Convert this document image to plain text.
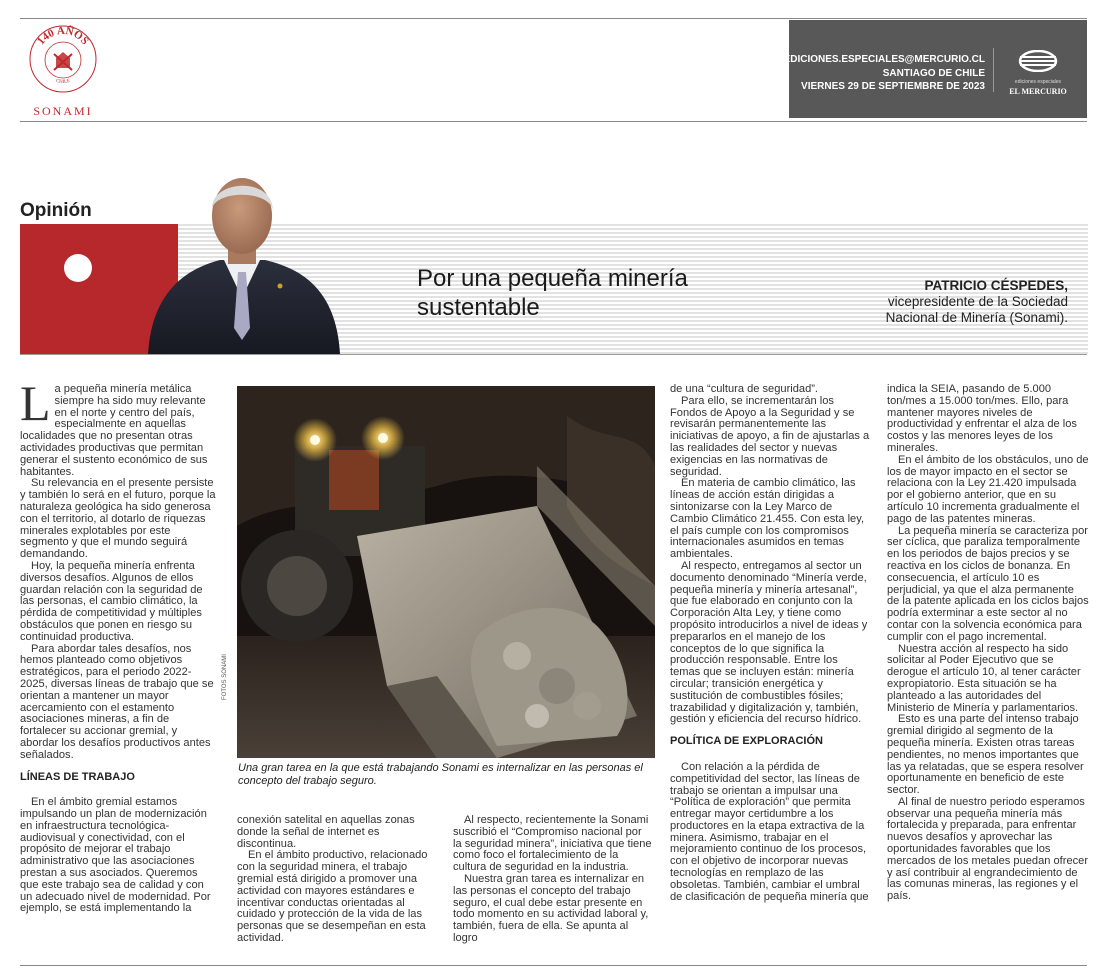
140 AÑOS
CHILE
SONAMI
EDICIONES.ESPECIALES@MERCURIO.CL
SANTIAGO DE CHILE
VIERNES 29 DE SEPTIEMBRE DE 2023	ediciones especiales
EL MERCURIO
Opinión
Por una pequeña minería
sustentable
PATRICIO CÉSPEDES,
vicepresidente de la Sociedad
Nacional de Minería (Sonami).

La pequeña minería metálica siempre ha sido muy relevante en el norte y centro del país, especialmente en aquellas localidades que no presentan otras actividades productivas que permitan generar el sustento económico de sus habitantes.

Su relevancia en el presente persiste y también lo será en el futuro, porque la naturaleza geológica ha sido generosa con el territorio, al dotarlo de riquezas minerales explotables por este segmento y que el mundo seguirá demandando.

Hoy, la pequeña minería enfrenta diversos desafíos. Algunos de ellos guardan relación con la seguridad de las personas, el cambio climático, la pérdida de competitividad y múltiples obstáculos que ponen en riesgo su continuidad productiva.

Para abordar tales desafíos, nos hemos planteado como objetivos estratégicos, para el periodo 2022-2025, diversas líneas de trabajo que se orientan a mantener un mayor acercamiento con el estamento asociaciones mineras, a fin de fortalecer su accionar gremial, y abordar los desafíos productivos antes señalados.

LÍNEAS DE TRABAJO

En el ámbito gremial estamos impulsando un plan de modernización en infraestructura tecnológica-audiovisual y conectividad, con el propósito de mejorar el trabajo administrativo que las asociaciones prestan a sus asociados. Queremos que este trabajo sea de calidad y con un adecuado nivel de modernidad. Por ejemplo, se está implementando la

FOTOS SONAMI
Una gran tarea en la que está trabajando Sonami es internalizar en las personas el concepto del trabajo seguro.

conexión satelital en aquellas zonas donde la señal de internet es discontinua.

En el ámbito productivo, relacionado con la seguridad minera, el trabajo gremial está dirigido a promover una actividad con mayores estándares e incentivar conductas orientadas al cuidado y protección de la vida de las personas que se desempeñan en esta actividad.

Al respecto, recientemente la Sonami suscribió el “Compromiso nacional por la seguridad minera”, iniciativa que tiene como foco el fortalecimiento de la cultura de seguridad en la industria.

Nuestra gran tarea es internalizar en las personas el concepto del trabajo seguro, el cual debe estar presente en todo momento en su actividad laboral y, también, fuera de ella. Se apunta al logro

de una “cultura de seguridad”.

Para ello, se incrementarán los Fondos de Apoyo a la Seguridad y se revisarán permanentemente las iniciativas de apoyo, a fin de ajustarlas a las realidades del sector y nuevas exigencias en las normativas de seguridad.

En materia de cambio climático, las líneas de acción están dirigidas a sintonizarse con la Ley Marco de Cambio Climático 21.455. Con esta ley, el país cumple con los compromisos internacionales asumidos en temas ambientales.

Al respecto, entregamos al sector un documento denominado “Minería verde, pequeña minería y minería artesanal”, que fue elaborado en conjunto con la Corporación Alta Ley, y tiene como propósito introducirlos a nivel de ideas y prepararlos en el manejo de los conceptos de lo que significa la producción responsable. Entre los temas que se incluyen están: minería circular; transición energética y sustitución de combustibles fósiles; trazabilidad y digitalización y, también, gestión y eficiencia del recurso hídrico.

POLÍTICA DE EXPLORACIÓN

Con relación a la pérdida de competitividad del sector, las líneas de trabajo se orientan a impulsar una “Política de exploración” que permita entregar mayor certidumbre a los productores en la etapa extractiva de la minera. Asimismo, trabajar en el mejoramiento continuo de los procesos, con el objetivo de incorporar nuevas tecnologías en remplazo de las obsoletas. También, cambiar el umbral de clasificación de pequeña minería que

indica la SEIA, pasando de 5.000 ton/mes a 15.000 ton/mes. Ello, para mantener mayores niveles de productividad y enfrentar el alza de los costos y las menores leyes de los minerales.

En el ámbito de los obstáculos, uno de los de mayor impacto en el sector se relaciona con la Ley 21.420 impulsada por el gobierno anterior, que en su artículo 10 incrementa gradualmente el pago de las patentes mineras.

La pequeña minería se caracteriza por ser cíclica, que paraliza temporalmente en los periodos de bajos precios y se reactiva en los ciclos de bonanza. En consecuencia, el artículo 10 es perjudicial, ya que el alza permanente de la patente aplicada en los ciclos bajos podría exterminar a este sector al no contar con la solvencia económica para cumplir con el pago incremental.

Nuestra acción al respecto ha sido solicitar al Poder Ejecutivo que se derogue el artículo 10, al tener carácter expropiatorio. Esta situación se ha planteado a las autoridades del Ministerio de Minería y parlamentarios.

Esto es una parte del intenso trabajo gremial dirigido al segmento de la pequeña minería. Existen otras tareas pendientes, no menos importantes que las ya relatadas, que se espera resolver oportunamente en beneficio de este sector.

Al final de nuestro periodo esperamos observar una pequeña minería más fortalecida y preparada, para enfrentar nuevos desafíos y aprovechar las oportunidades favorables que los mercados de los metales puedan ofrecer y así contribuir al engrandecimiento de las comunas mineras, las regiones y el país.
